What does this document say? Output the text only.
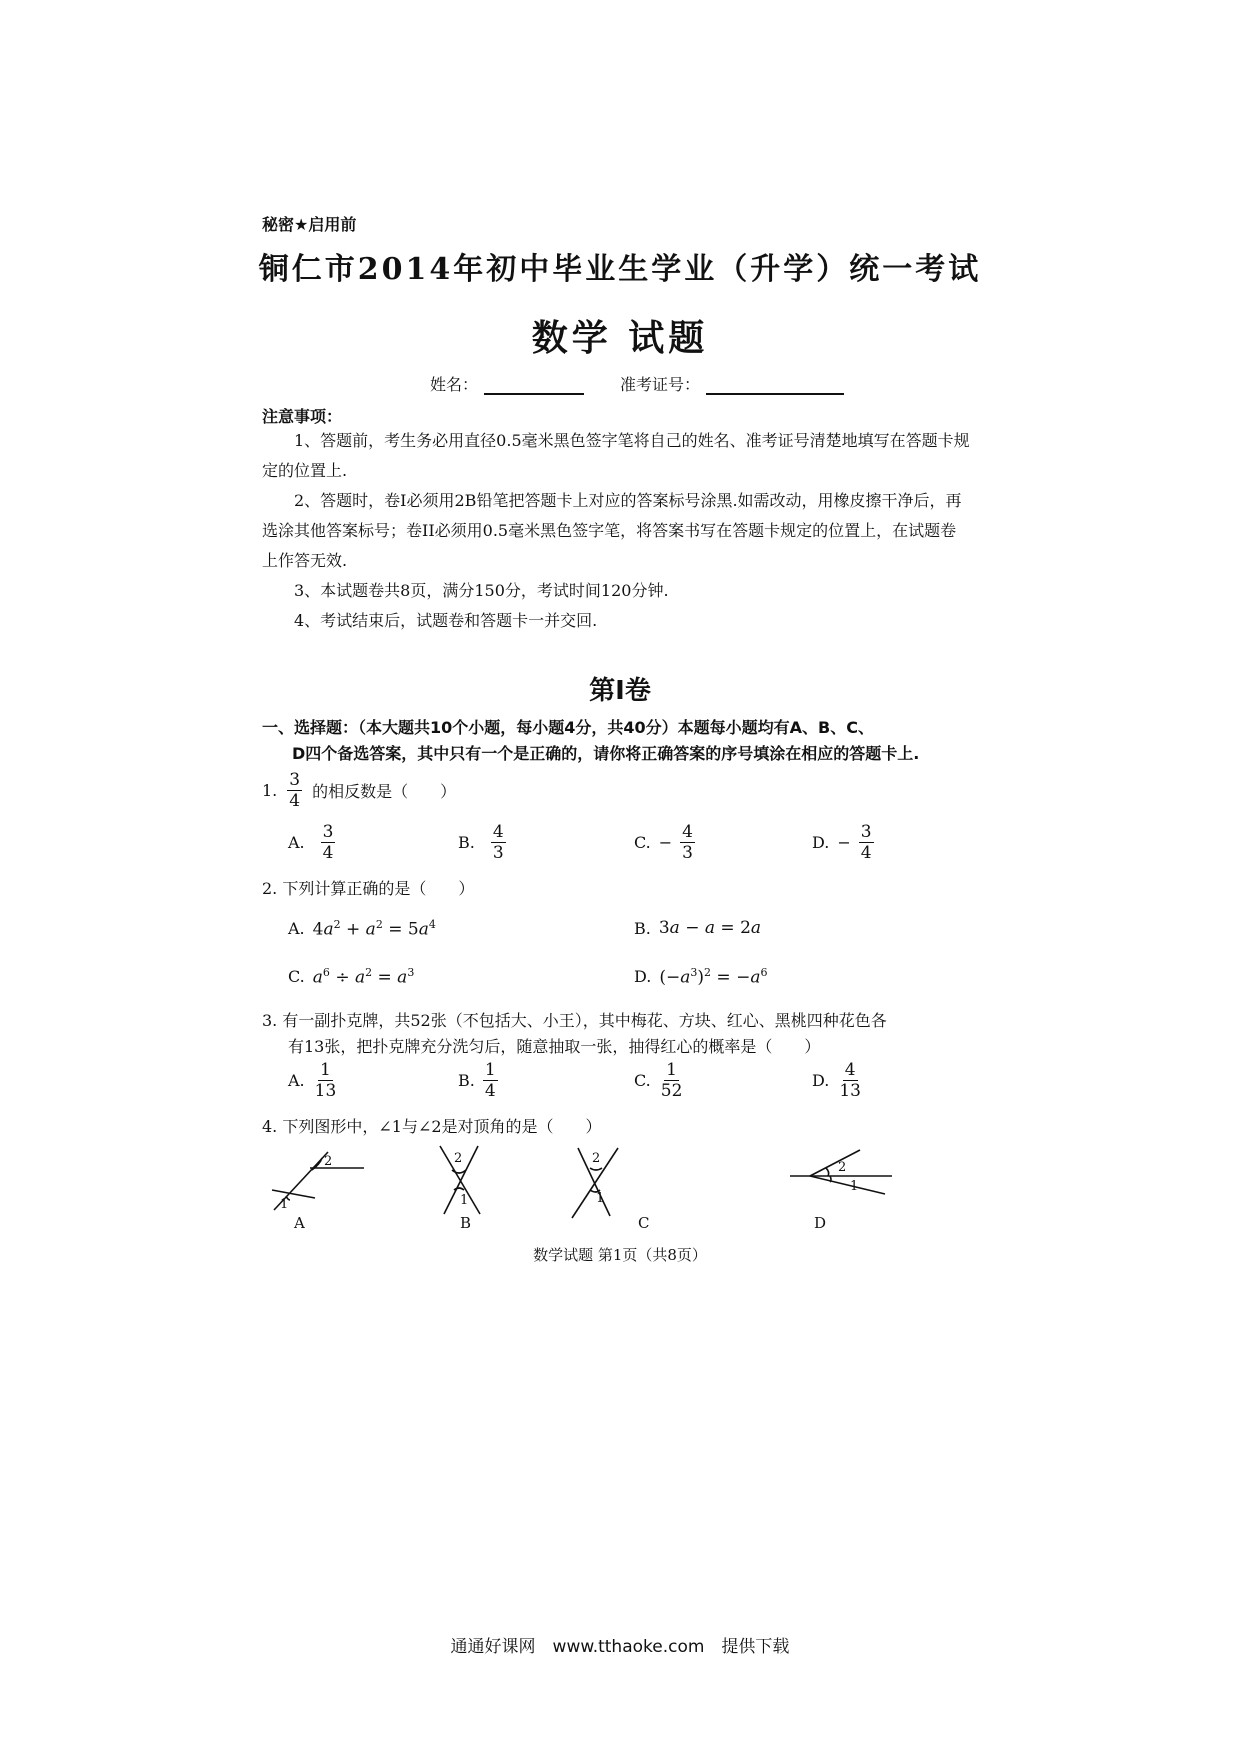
秘密★启用前
铜仁市2014年初中毕业生学业（升学）统一考试
数学 试题
姓名：	准考证号：
注意事项：

1、答题前，考生务必用直径0.5毫米黑色签字笔将自己的姓名、准考证号清楚地填写在答题卡规定的位置上.

2、答题时，卷I必须用2B铅笔把答题卡上对应的答案标号涂黑.如需改动，用橡皮擦干净后，再选涂其他答案标号；卷II必须用0.5毫米黑色签字笔，将答案书写在答题卡规定的位置上，在试题卷上作答无效.

3、本试题卷共8页，满分150分，考试时间120分钟.

4、考试结束后，试题卷和答题卡一并交回.

第Ⅰ卷
一、选择题：（本大题共10个小题，每小题4分，共40分）本题每小题均有A、B、C、
D四个备选答案，其中只有一个是正确的，请你将正确答案的序号填涂在相应的答题卡上.
1. $\frac{3}{4}$ 的相反数是（　　）
A. $\frac{3}{4}$	B. $\frac{4}{3}$	C. − $\frac{4}{3}$	D. − $\frac{3}{4}$
2. 下列计算正确的是（　　）
A. $4a^2 + a^2 = 5a^4$	B. 3a − a = 2a
C. $a^6 \div a^2 = a^3$	D. $(-a^3)^2 = -a^6$
3. 有一副扑克牌，共52张（不包括大、小王），其中梅花、方块、红心、黑桃四种花色各
有13张，把扑克牌充分洗匀后，随意抽取一张，抽得红心的概率是（　　）
A. $\frac{1}{13}$	B. $\frac{1}{4}$	C. $\frac{1}{52}$	D. $\frac{4}{13}$
4. 下列图形中，∠1与∠2是对顶角的是（　　）
2
1
2
1
2
1
2
1
A	B	C	D
数学试题 第1页（共8页）
通通好课网　www.tthaoke.com　提供下载
